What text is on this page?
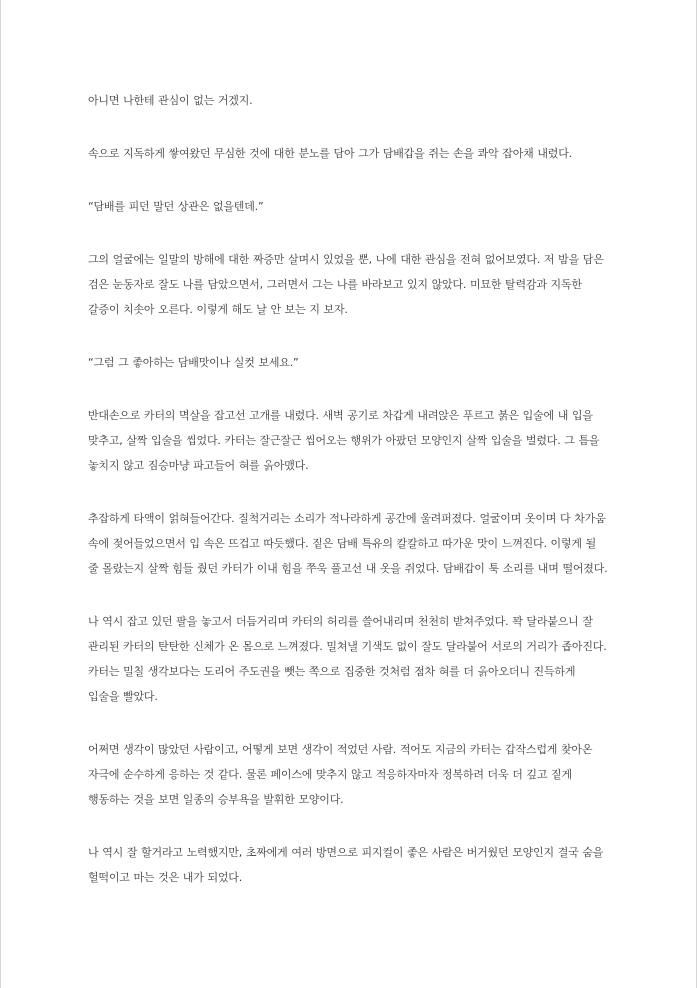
아니면 나한테 관심이 없는 거겠지.

속으로 지독하게 쌓여왔던 무심한 것에 대한 분노를 담아 그가 담배갑을 쥐는 손을 콰악 잡아채 내렸다.

“담배를 피던 말던 상관은 없을텐데.”

그의 얼굴에는 일말의 방해에 대한 짜증만 살며시 있었을 뿐, 나에 대한 관심을 전혀 없어보였다. 저 밤을 담은
검은 눈동자로 잘도 나를 담았으면서, 그러면서 그는 나를 바라보고 있지 않았다. 미묘한 탈력감과 지독한
갈증이 치솟아 오른다. 이렇게 해도 날 안 보는 지 보자.

“그럼 그 좋아하는 담배맛이나 실컷 보세요.”

반대손으로 카터의 멱살을 잡고선 고개를 내렸다. 새벽 공기로 차갑게 내려앉은 푸르고 붉은 입술에 내 입을
맞추고, 살짝 입술을 씹었다. 카터는 잘근잘근 씹어오는 행위가 아팠던 모양인지 살짝 입술을 벌렸다. 그 틈을
놓치지 않고 짐승마냥 파고들어 혀를 옭아맸다.

추잡하게 타액이 얽혀들어간다. 질척거리는 소리가 적나라하게 공간에 울려퍼졌다. 얼굴이며 옷이며 다 차가움
속에 젖어들었으면서 입 속은 뜨겁고 따듯했다. 짙은 담배 특유의 칼칼하고 따가운 맛이 느껴진다. 이렇게 될
줄 몰랐는지 살짝 힘들 줬던 카터가 이내 힘을 쭈욱 풀고선 내 옷을 쥐었다. 담배갑이 툭 소리를 내며 떨어졌다.

나 역시 잡고 있던 팔을 놓고서 더듬거리며 카터의 허리를 쓸어내리며 천천히 받쳐주었다. 꽉 달라붙으니 잘
관리된 카터의 탄탄한 신체가 온 몸으로 느껴졌다. 밀쳐낼 기색도 없이 잘도 달라붙어 서로의 거리가 좁아진다.
카터는 밀칠 생각보다는 도리어 주도권을 뺏는 쪽으로 집중한 것처럼 점차 혀를 더 옭아오더니 진득하게
입술을 빨았다.

어쩌면 생각이 많았던 사람이고, 어떻게 보면 생각이 적었던 사람. 적어도 지금의 카터는 갑작스럽게 찾아온
자극에 순수하게 응하는 것 같다. 물론 페이스에 맞추지 않고 적응하자마자 정복하려 더욱 더 깊고 짙게
행동하는 것을 보면 일종의 승부욕을 발휘한 모양이다.

나 역시 잘 할거라고 노력했지만, 초짜에게 여러 방면으로 피지컬이 좋은 사람은 버거웠던 모양인지 결국 숨을
헐떡이고 마는 것은 내가 되었다.
